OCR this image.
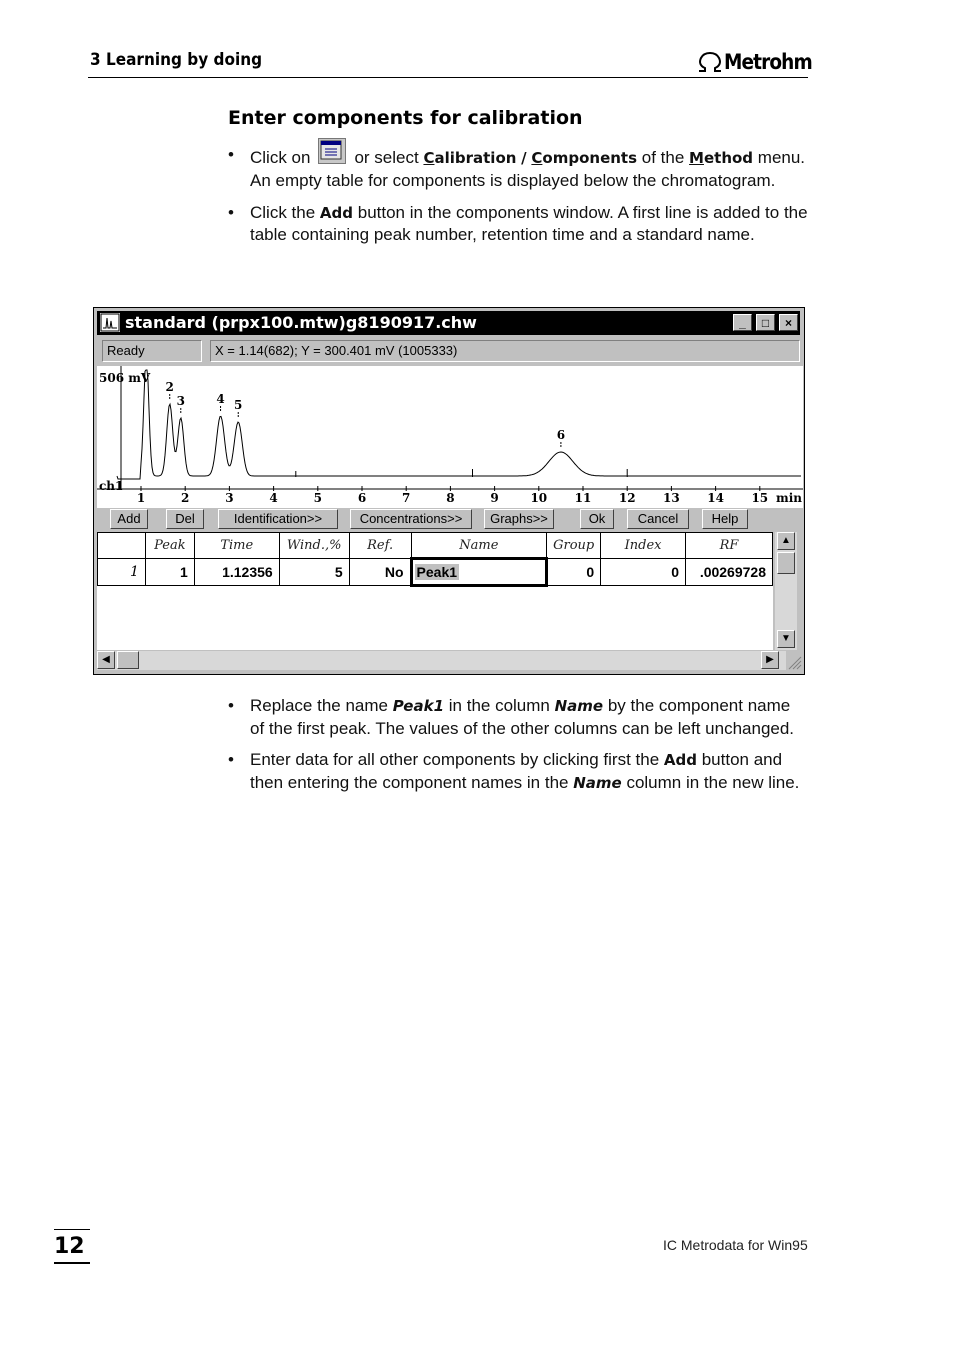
3 Learning by doing	Metrohm
Enter components for calibration
• Click on	or select Calibration / Components of the Method menu. An empty table for components is displayed below the chromatogram.
• Click the Add button in the components window. A first line is added to the table containing peak number, retention time and a standard name.
standard (prpx100.mtw)g8190917.chw	_	□	×
Ready	X = 1.14(682); Y = 300.401 mV (1005333)
1	2	3	4	5	6	7	8	9	10 11 12 13 14 15 min
506 mV
ch1
2
3	4 5
6
Add	Del	Identification>>	Concentrations>>	Graphs>>	Ok	Cancel	Help
	Peak	Time	Wind.,%	Ref.	Name	Group	Index	RF
1	1	1.12356	5	No	Peak1	0	0	.00269728
▲
▼
◀	▶
• Replace the name Peak1 in the column Name by the component name of the first peak. The values of the other columns can be left unchanged.
• Enter data for all other components by clicking first the Add button and then entering the component names in the Name column in the new line.
12	IC Metrodata for Win95
